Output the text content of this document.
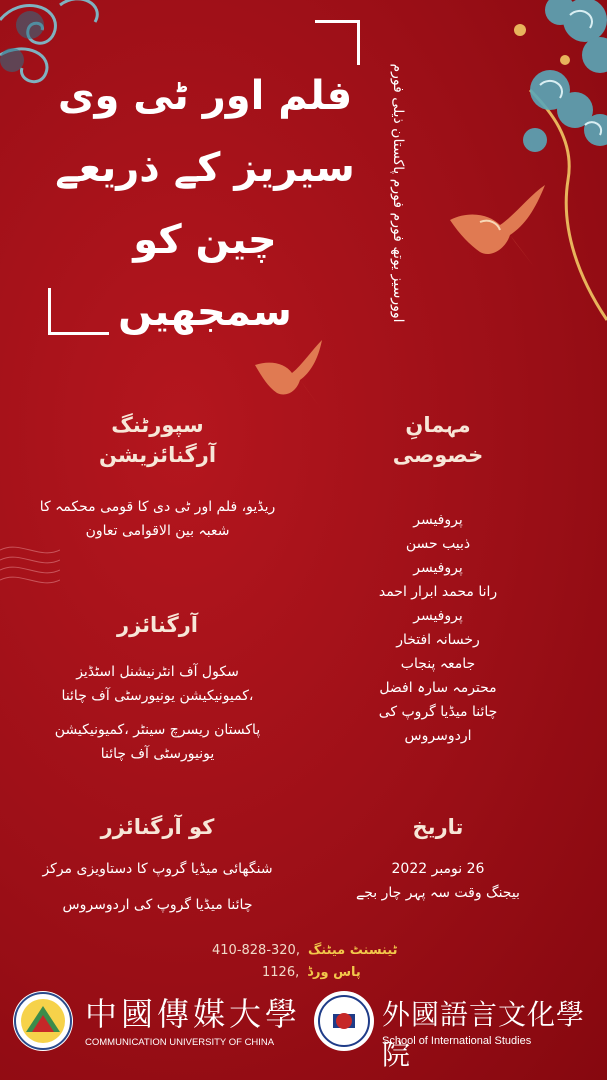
فلم اور ٹی وی
سیریز کے ذریعے
چین کو
سمجھیں	اوورسیز یوتھ فورم فورم پاکستان ذیلی فورم
مہمانِ
خصوصی
پروفیسر
ذبیب حسن
پروفیسر
رانا محمد ابرار احمد
پروفیسر
رخسانہ افتخار
جامعہ پنجاب
محترمہ سارہ افضل
چائنا میڈیا گروپ کی
اردوسروس
سپورٹنگ
آرگنائزیشن
ریڈیو، فلم اور ٹی دی کا قومی محکمہ کا
شعبہ بین الاقوامی تعاون
آرگنائزر
سکول آف انٹرنیشنل اسٹڈیز
،کمیونیکیشن یونیورسٹی آف چائنا
پاکستان ریسرچ سینٹر ،کمیونیکیشن
یونیورسٹی آف چائنا
کو آرگنائزر
شنگھائی میڈیا گروپ کا دستاویزی مرکز
چائنا میڈیا گروپ کی اردوسروس
تاریخ
26 نومبر 2022
بیجنگ وقت سہ پہر چار بجے
410-828-320, ٹینسنٹ میٹنگ
1126, پاس ورڈ
中國傳媒大學
COMMUNICATION UNIVERSITY OF CHINA
外國語言文化學院
School of International Studies
